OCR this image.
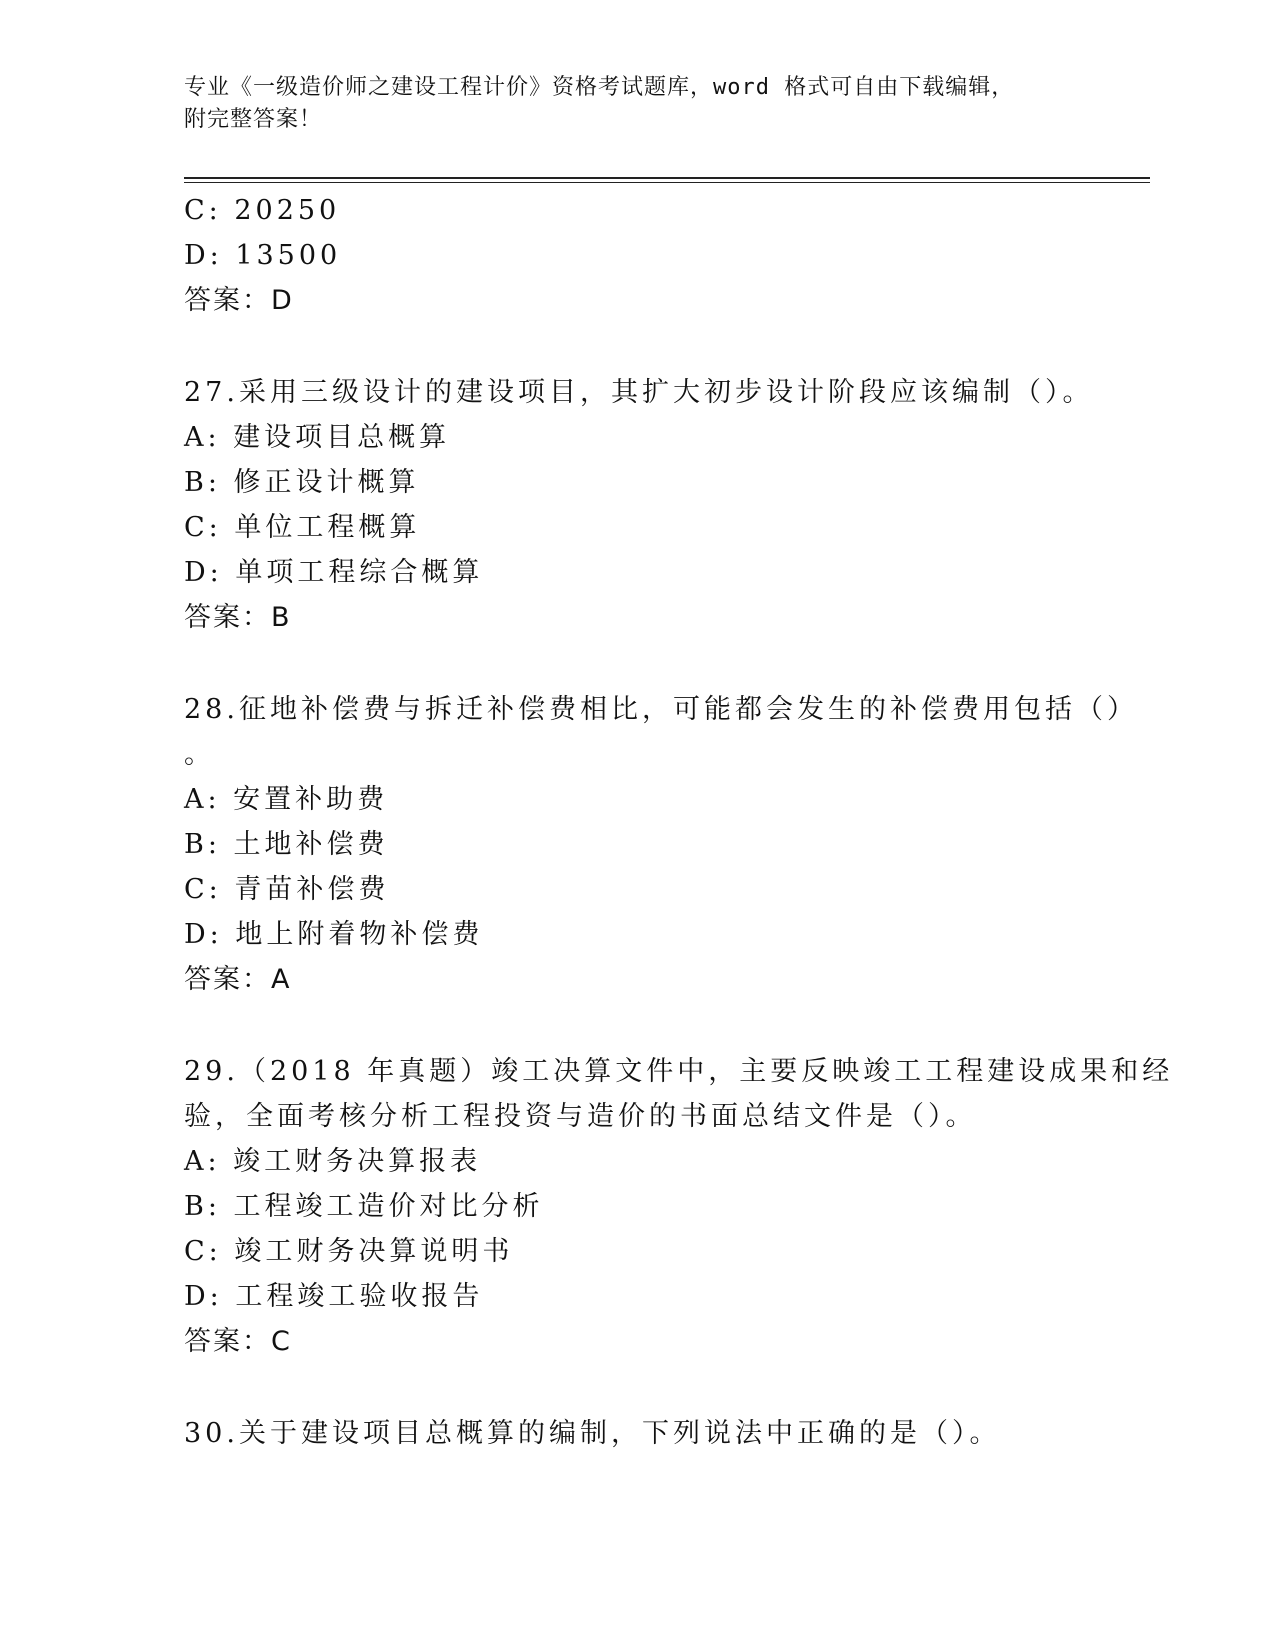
专业《一级造价师之建设工程计价》资格考试题库，word 格式可自由下载编辑，
附完整答案！
C: 20250
D: 13500
答案：D
27.采用三级设计的建设项目，其扩大初步设计阶段应该编制（）。
A: 建设项目总概算
B: 修正设计概算
C: 单位工程概算
D: 单项工程综合概算
答案：B
28.征地补偿费与拆迁补偿费相比，可能都会发生的补偿费用包括（）
。
A: 安置补助费
B: 土地补偿费
C: 青苗补偿费
D: 地上附着物补偿费
答案：A
29.（2018 年真题）竣工决算文件中，主要反映竣工工程建设成果和经
验，全面考核分析工程投资与造价的书面总结文件是（）。
A: 竣工财务决算报表
B: 工程竣工造价对比分析
C: 竣工财务决算说明书
D: 工程竣工验收报告
答案：C
30.关于建设项目总概算的编制，下列说法中正确的是（）。
